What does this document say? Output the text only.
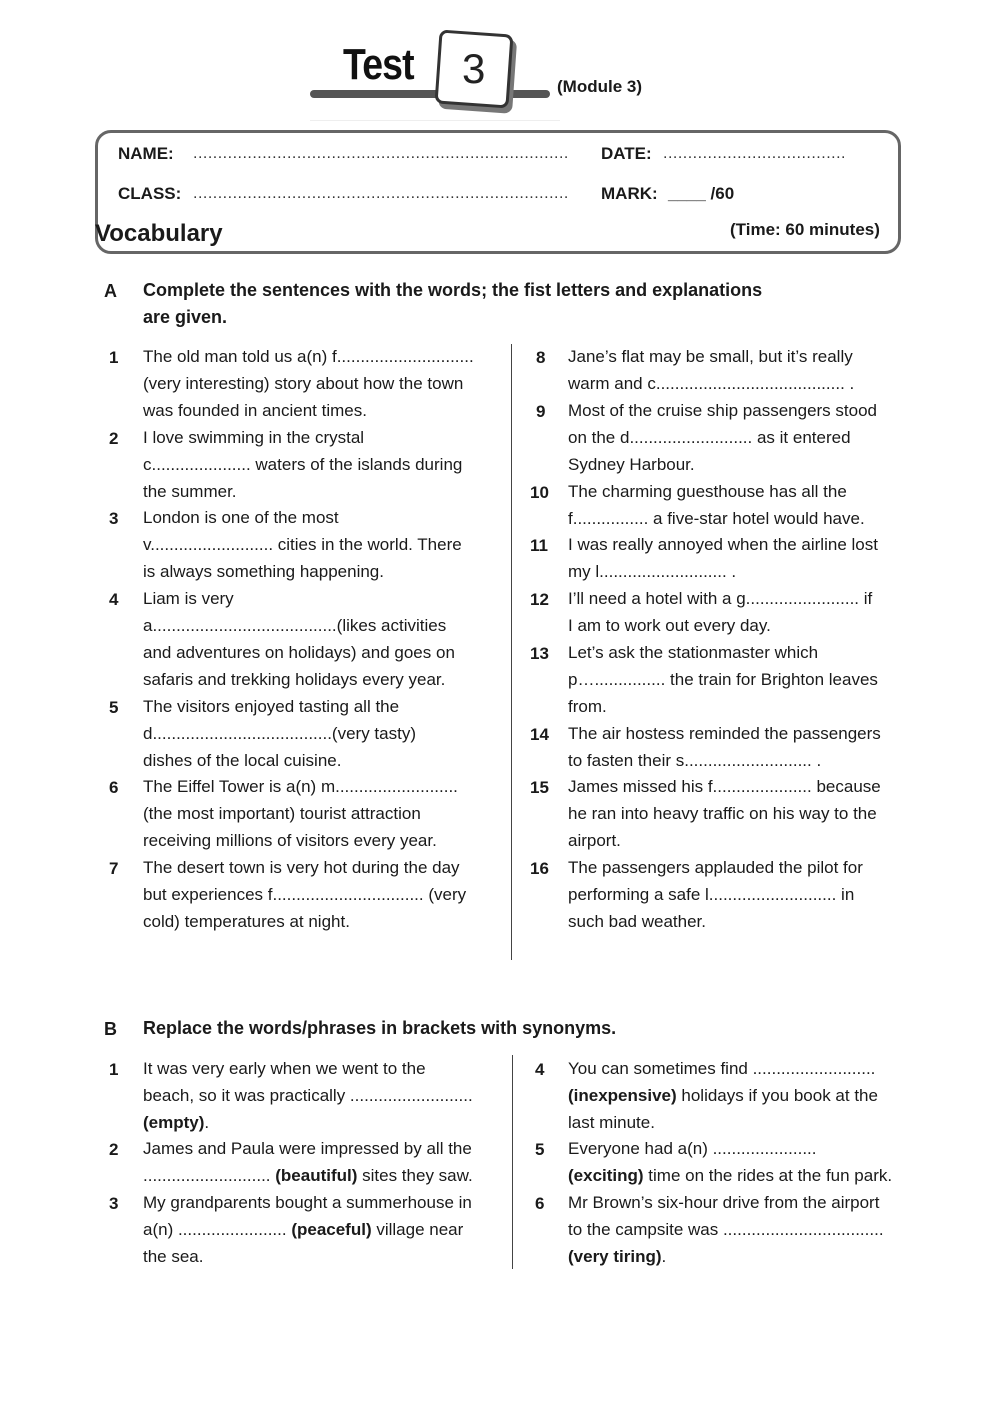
Test 3	(Module 3)
NAME: ............................................................................	DATE: .....................................
CLASS: ............................................................................	MARK: ____ /60
Vocabulary	(Time: 60 minutes)
A Complete the sentences with the words; the fist letters and explanations
are given.
1 The old man told us a(n) f.............................
(very interesting) story about how the town
was founded in ancient times.
2 I love swimming in the crystal
c..................... waters of the islands during
the summer.
3 London is one of the most
v.......................... cities in the world. There
is always something happening.
4 Liam is very
a.......................................(likes activities
and adventures on holidays) and goes on
safaris and trekking holidays every year.
5 The visitors enjoyed tasting all the
d......................................(very tasty)
dishes of the local cuisine.
6 The Eiffel Tower is a(n) m..........................
(the most important) tourist attraction
receiving millions of visitors every year.
7 The desert town is very hot during the day
but experiences f................................ (very
cold) temperatures at night.
8 Jane’s flat may be small, but it’s really
warm and c........................................ .
9 Most of the cruise ship passengers stood
on the d.......................... as it entered
Sydney Harbour.
10 The charming guesthouse has all the
f................ a five-star hotel would have.
11 I was really annoyed when the airline lost
my l........................... .
12 I’ll need a hotel with a g........................ if
I am to work out every day.
13 Let’s ask the stationmaster which
p…............... the train for Brighton leaves
from.
14 The air hostess reminded the passengers
to fasten their s........................... .
15 James missed his f..................... because
he ran into heavy traffic on his way to the
airport.
16 The passengers applauded the pilot for
performing a safe l........................... in
such bad weather.
B Replace the words/phrases in brackets with synonyms.
1 It was very early when we went to the
beach, so it was practically ..........................
(empty).
2 James and Paula were impressed by all the
........................... (beautiful) sites they saw.
3 My grandparents bought a summerhouse in
a(n) ....................... (peaceful) village near
the sea.
4 You can sometimes find ..........................
(inexpensive) holidays if you book at the
last minute.
5 Everyone had a(n) ......................
(exciting) time on the rides at the fun park.
6 Mr Brown’s six-hour drive from the airport
to the campsite was ..................................
(very tiring).
